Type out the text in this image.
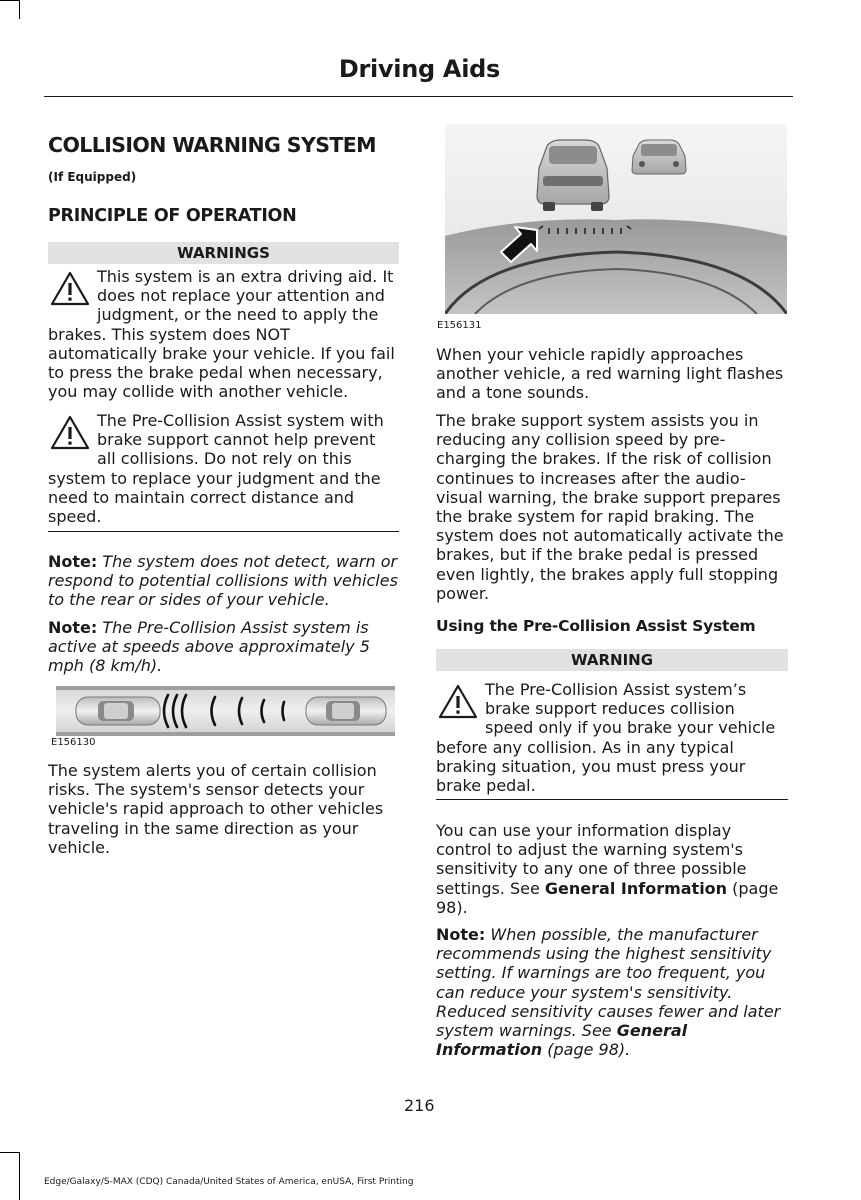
Driving Aids
COLLISION WARNING SYSTEM
(If Equipped)
PRINCIPLE OF OPERATION
WARNINGS
This system is an extra driving aid. It does not replace your attention and judgment, or the need to apply the brakes. This system does NOT automatically brake your vehicle. If you fail to press the brake pedal when necessary, you may collide with another vehicle.
The Pre-Collision Assist system with brake support cannot help prevent all collisions. Do not rely on this system to replace your judgment and the need to maintain correct distance and speed.

Note: The system does not detect, warn or respond to potential collisions with vehicles to the rear or sides of your vehicle.

Note: The Pre-Collision Assist system is active at speeds above approximately 5 mph (8 km/h).

E156130

The system alerts you of certain collision risks. The system's sensor detects your vehicle's rapid approach to other vehicles traveling in the same direction as your vehicle.

E156131

When your vehicle rapidly approaches another vehicle, a red warning light flashes and a tone sounds.

The brake support system assists you in reducing any collision speed by pre-charging the brakes. If the risk of collision continues to increases after the audio-visual warning, the brake support prepares the brake system for rapid braking. The system does not automatically activate the brakes, but if the brake pedal is pressed even lightly, the brakes apply full stopping power.

Using the Pre-Collision Assist System
WARNING
The Pre-Collision Assist system’s brake support reduces collision speed only if you brake your vehicle before any collision. As in any typical braking situation, you must press your brake pedal.

You can use your information display control to adjust the warning system's sensitivity to any one of three possible settings. See General Information (page 98).

Note: When possible, the manufacturer recommends using the highest sensitivity setting. If warnings are too frequent, you can reduce your system's sensitivity. Reduced sensitivity causes fewer and later system warnings. See General Information (page 98).

216
Edge/Galaxy/S-MAX (CDQ) Canada/United States of America, enUSA, First Printing
